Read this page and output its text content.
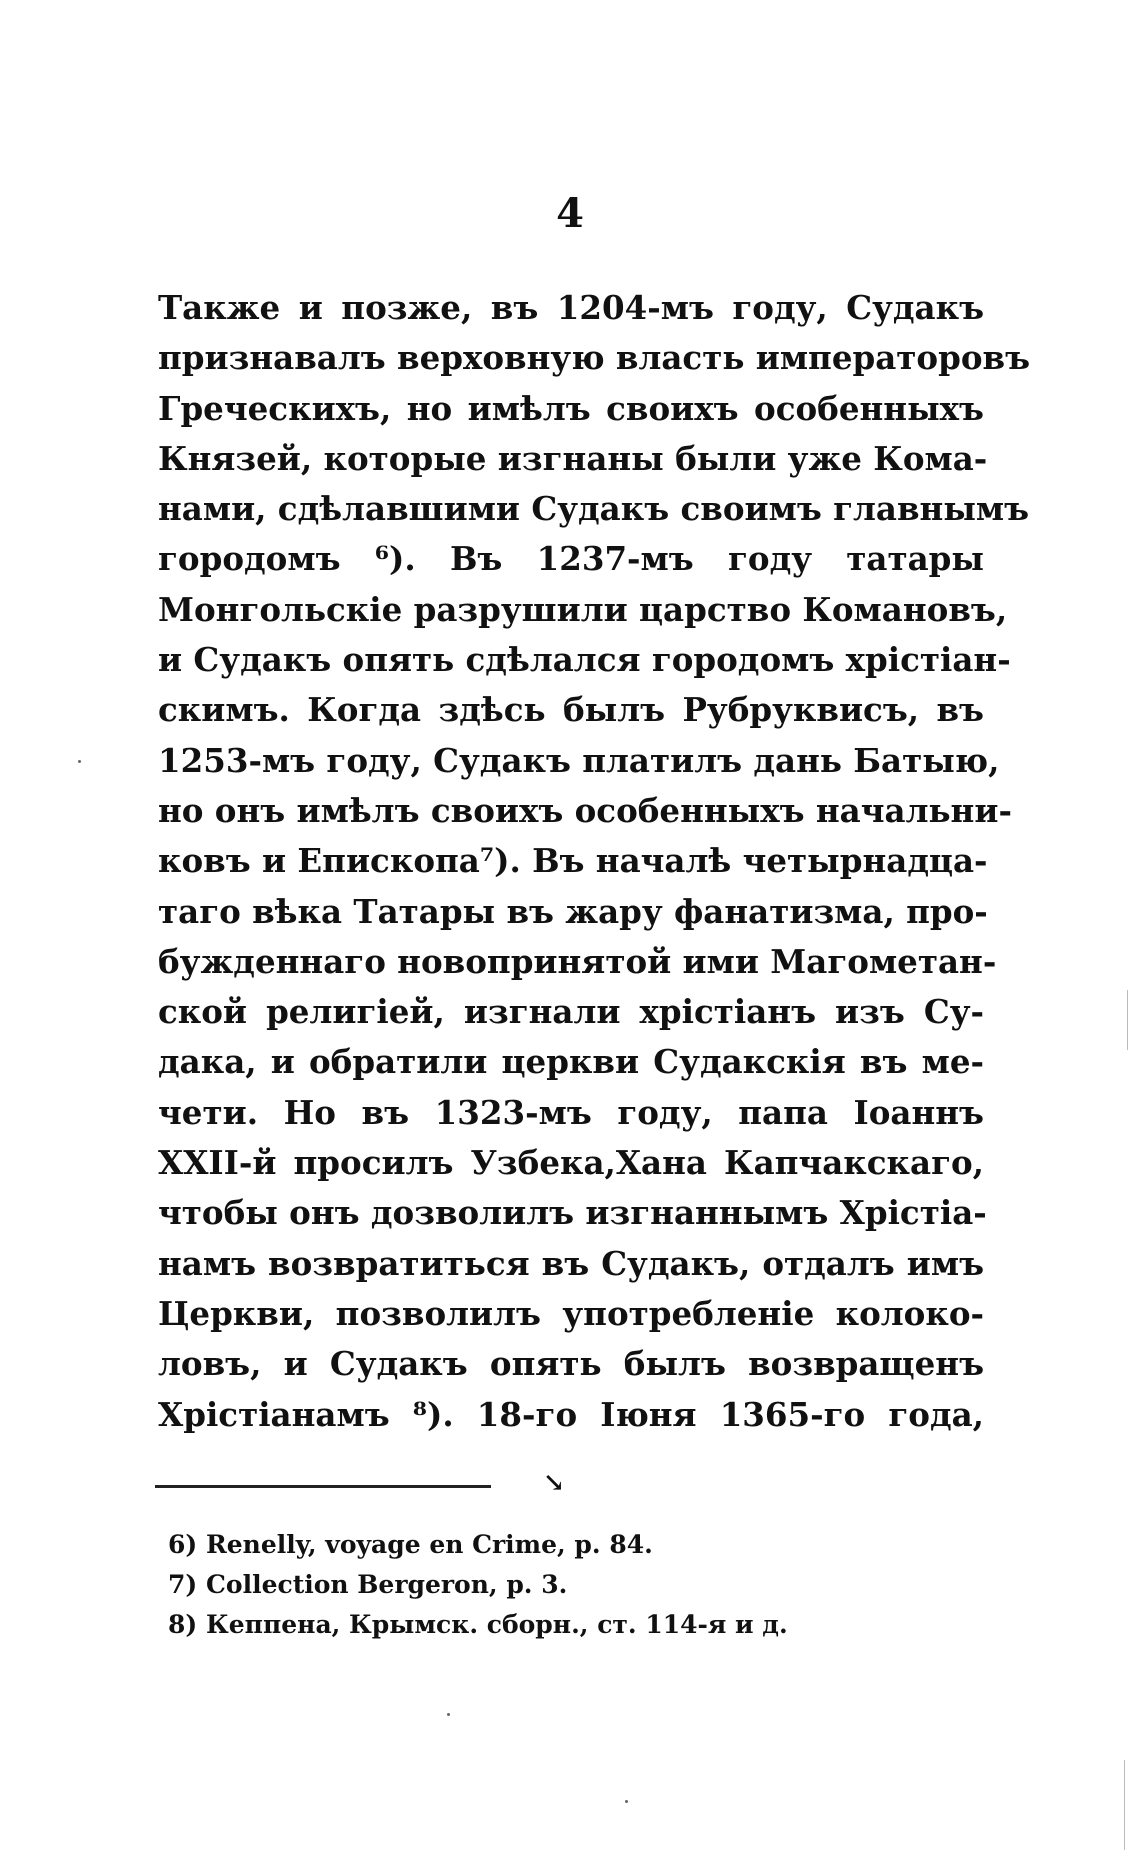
4
Также и позже, въ 1204-мъ году, Судакъ
признавалъ верховную власть императоровъ
Греческихъ, но имѣлъ своихъ особенныхъ
Князей, которые изгнаны были уже Кома-
нами, сдѣлавшими Судакъ своимъ главнымъ
городомъ ⁶). Въ 1237-мъ году татары
Монгольскіе разрушили царство Комановъ,
и Судакъ опять сдѣлался городомъ хрістіан-
скимъ. Когда здѣсь былъ Рубруквисъ, въ
1253-мъ году, Судакъ платилъ дань Батыю,
но онъ имѣлъ своихъ особенныхъ начальни-
ковъ и Епископа⁷). Въ началѣ четырнадца-
таго вѣка Татары въ жару фанатизма, про-
бужденнаго новопринятой ими Магометан-
ской религіей, изгнали хрістіанъ изъ Су-
дака, и обратили церкви Судакскія въ ме-
чети. Но въ 1323-мъ году, папа Іоаннъ
XXII-й просилъ Узбека,Хана Капчакскаго,
чтобы онъ дозволилъ изгнаннымъ Хрістіа-
намъ возвратиться въ Судакъ, отдалъ имъ
Церкви, позволилъ употребленіе колоко-
ловъ, и Судакъ опять былъ возвращенъ
Хрістіанамъ ⁸). 18-го Іюня 1365-го года,
↘
6) Renelly, voyage en Crime, p. 84.
7) Collection Bergeron, p. 3.
8) Кеппена, Крымск. сборн., ст. 114-я и д.
